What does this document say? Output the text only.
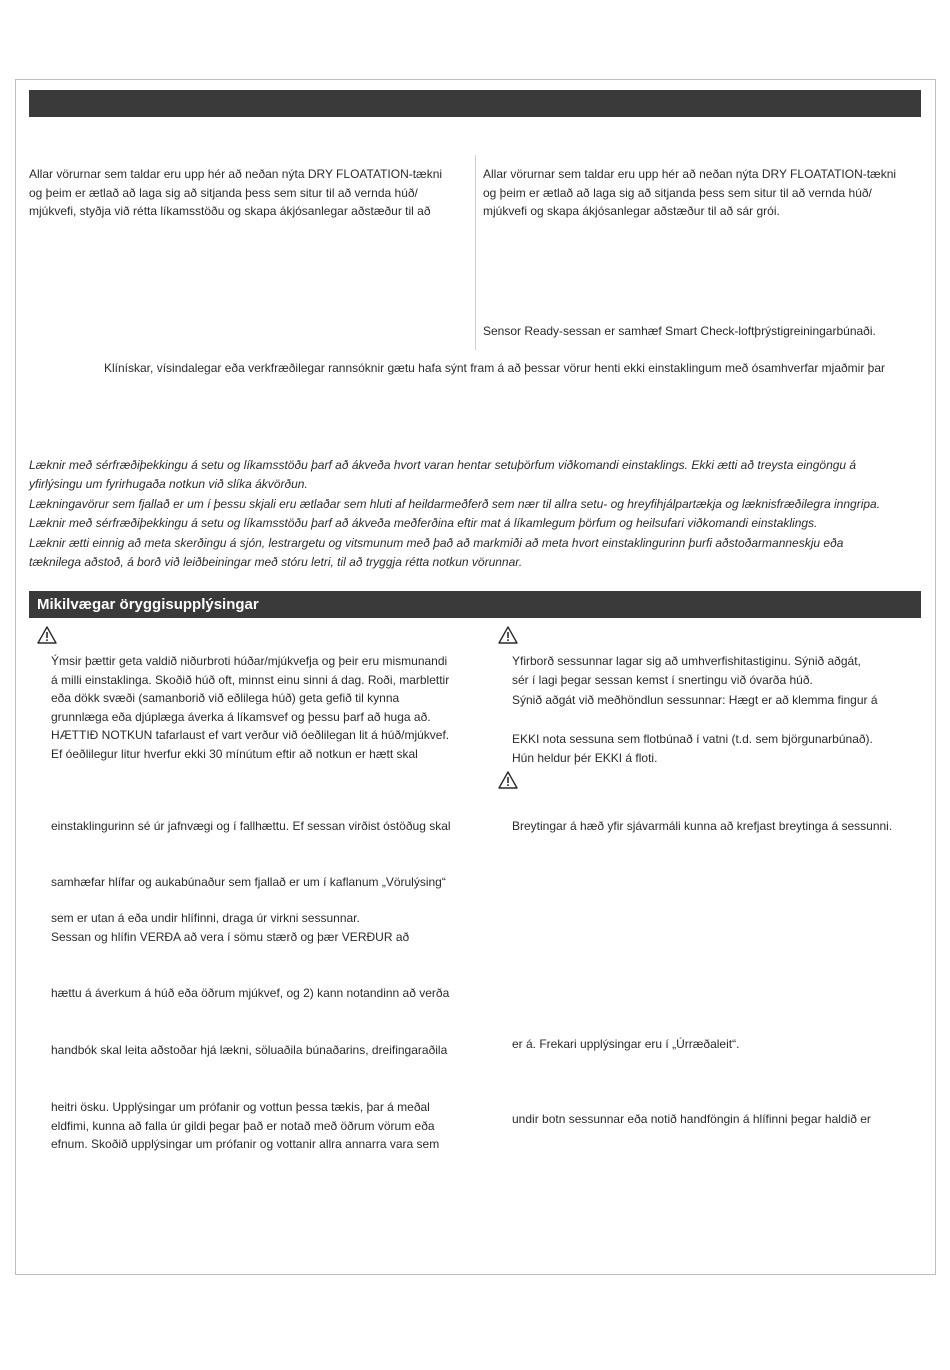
Allar vörurnar sem taldar eru upp hér að neðan nýta DRY FLOATATION-tækni
og þeim er ætlað að laga sig að sitjanda þess sem situr til að vernda húð/
mjúkvefi, styðja við rétta líkamsstöðu og skapa ákjósanlegar aðstæður til að

Allar vörurnar sem taldar eru upp hér að neðan nýta DRY FLOATATION-tækni
og þeim er ætlað að laga sig að sitjanda þess sem situr til að vernda húð/
mjúkvefi og skapa ákjósanlegar aðstæður til að sár grói.

Sensor Ready-sessan er samhæf Smart Check-loftþrýstigreiningarbúnaði.

Klínískar, vísindalegar eða verkfræðilegar rannsóknir gætu hafa sýnt fram á að þessar vörur henti ekki einstaklingum með ósamhverfar mjaðmir þar

Læknir með sérfræðiþekkingu á setu og líkamsstöðu þarf að ákveða hvort varan hentar setuþörfum viðkomandi einstaklings. Ekki ætti að treysta eingöngu á
yfirlýsingu um fyrirhugaða notkun við slíka ákvörðun.

Lækningavörur sem fjallað er um í þessu skjali eru ætlaðar sem hluti af heildarmeðferð sem nær til allra setu- og hreyfihjálpartækja og læknisfræðilegra inngripa.
Læknir með sérfræðiþekkingu á setu og líkamsstöðu þarf að ákveða meðferðina eftir mat á líkamlegum þörfum og heilsufari viðkomandi einstaklings.

Læknir ætti einnig að meta skerðingu á sjón, lestrargetu og vitsmunum með það að markmiði að meta hvort einstaklingurinn þurfi aðstoðarmanneskju eða
tæknilega aðstoð, á borð við leiðbeiningar með stóru letri, til að tryggja rétta notkun vörunnar.

Mikilvægar öryggisupplýsingar

Ýmsir þættir geta valdið niðurbroti húðar/mjúkvefja og þeir eru mismunandi
á milli einstaklinga. Skoðið húð oft, minnst einu sinni á dag. Roði, marblettir
eða dökk svæði (samanborið við eðlilega húð) geta gefið til kynna
grunnlæga eða djúplæga áverka á líkamsvef og þessu þarf að huga að.
HÆTTIÐ NOTKUN tafarlaust ef vart verður við óeðlilegan lit á húð/mjúkvef.
Ef óeðlilegur litur hverfur ekki 30 mínútum eftir að notkun er hætt skal

einstaklingurinn sé úr jafnvægi og í fallhættu. Ef sessan virðist óstöðug skal

samhæfar hlífar og aukabúnaður sem fjallað er um í kaflanum „Vörulýsing“

sem er utan á eða undir hlífinni, draga úr virkni sessunnar.
Sessan og hlífin VERÐA að vera í sömu stærð og þær VERÐUR að

hættu á áverkum á húð eða öðrum mjúkvef, og 2) kann notandinn að verða

handbók skal leita aðstoðar hjá lækni, söluaðila búnaðarins, dreifingaraðila

heitri ösku. Upplýsingar um prófanir og vottun þessa tækis, þar á meðal
eldfimi, kunna að falla úr gildi þegar það er notað með öðrum vörum eða
efnum. Skoðið upplýsingar um prófanir og vottanir allra annarra vara sem

Yfirborð sessunnar lagar sig að umhverfishitastiginu. Sýnið aðgát,
sér í lagi þegar sessan kemst í snertingu við óvarða húð.

Sýnið aðgát við meðhöndlun sessunnar: Hægt er að klemma fingur á

EKKI nota sessuna sem flotbúnað í vatni (t.d. sem björgunarbúnað).
Hún heldur þér EKKI á floti.

Breytingar á hæð yfir sjávarmáli kunna að krefjast breytinga á sessunni.

er á. Frekari upplýsingar eru í „Úrræðaleit“.

undir botn sessunnar eða notið handföngin á hlífinni þegar haldið er
